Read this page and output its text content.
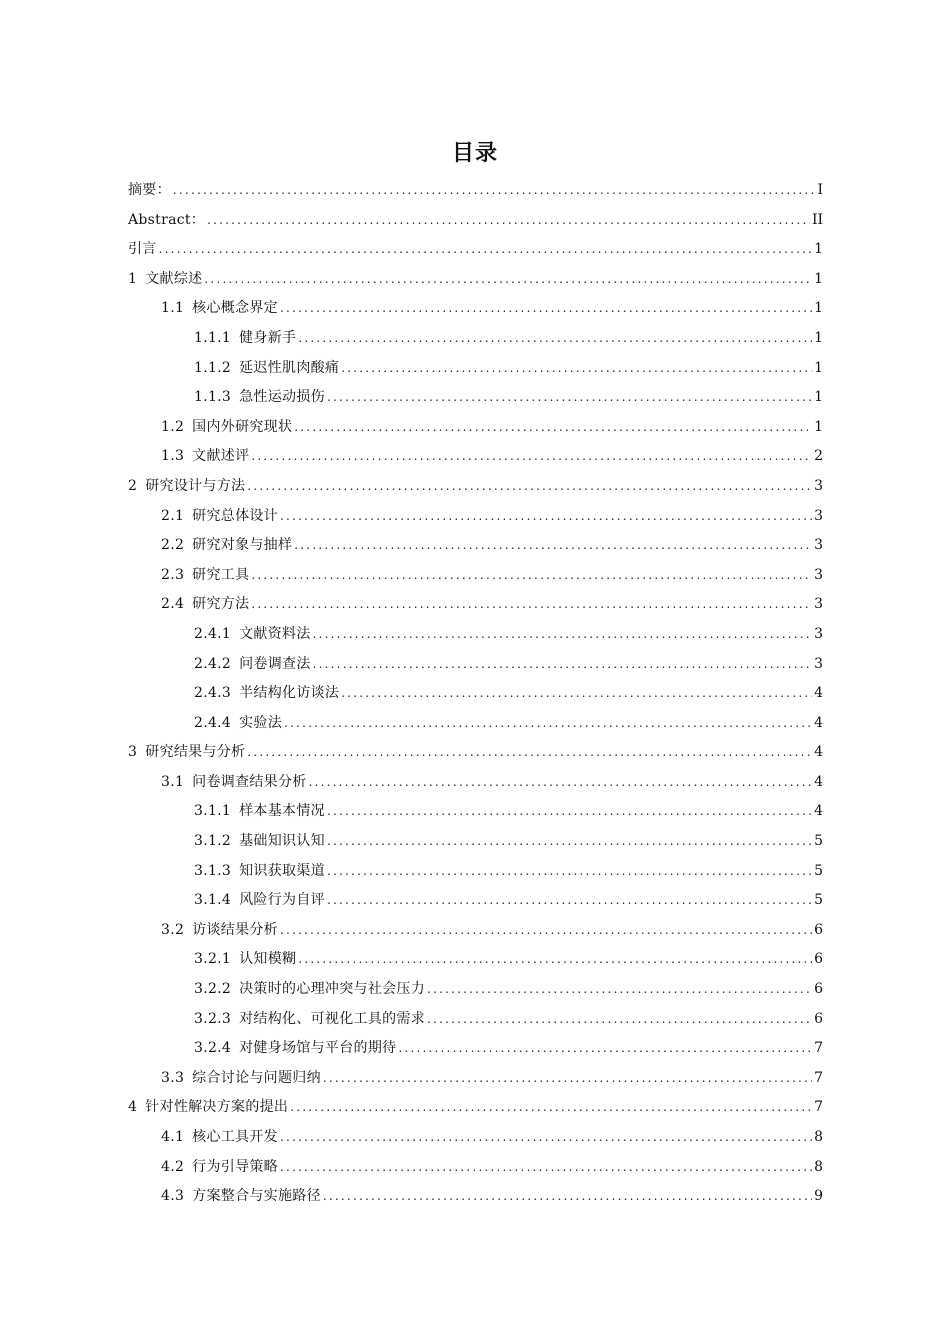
目录
摘要： .....	I
Abstract： .....	II
引言 .....	1
1 文献综述 .....	1
1.1 核心概念界定 .....	1
1.1.1 健身新手 .....	1
1.1.2 延迟性肌肉酸痛 .....	1
1.1.3 急性运动损伤 .....	1
1.2 国内外研究现状 .....	1
1.3 文献述评 .....	2
2 研究设计与方法 .....	3
2.1 研究总体设计 .....	3
2.2 研究对象与抽样 .....	3
2.3 研究工具 .....	3
2.4 研究方法 .....	3
2.4.1 文献资料法 .....	3
2.4.2 问卷调查法 .....	3
2.4.3 半结构化访谈法 .....	4
2.4.4 实验法 .....	4
3 研究结果与分析 .....	4
3.1 问卷调查结果分析 .....	4
3.1.1 样本基本情况 .....	4
3.1.2 基础知识认知 .....	5
3.1.3 知识获取渠道 .....	5
3.1.4 风险行为自评 .....	5
3.2 访谈结果分析 .....	6
3.2.1 认知模糊 .....	6
3.2.2 决策时的心理冲突与社会压力 .....	6
3.2.3 对结构化、可视化工具的需求 .....	6
3.2.4 对健身场馆与平台的期待 .....	7
3.3 综合讨论与问题归纳 .....	7
4 针对性解决方案的提出 .....	7
4.1 核心工具开发 .....	8
4.2 行为引导策略 .....	8
4.3 方案整合与实施路径 .....	9
